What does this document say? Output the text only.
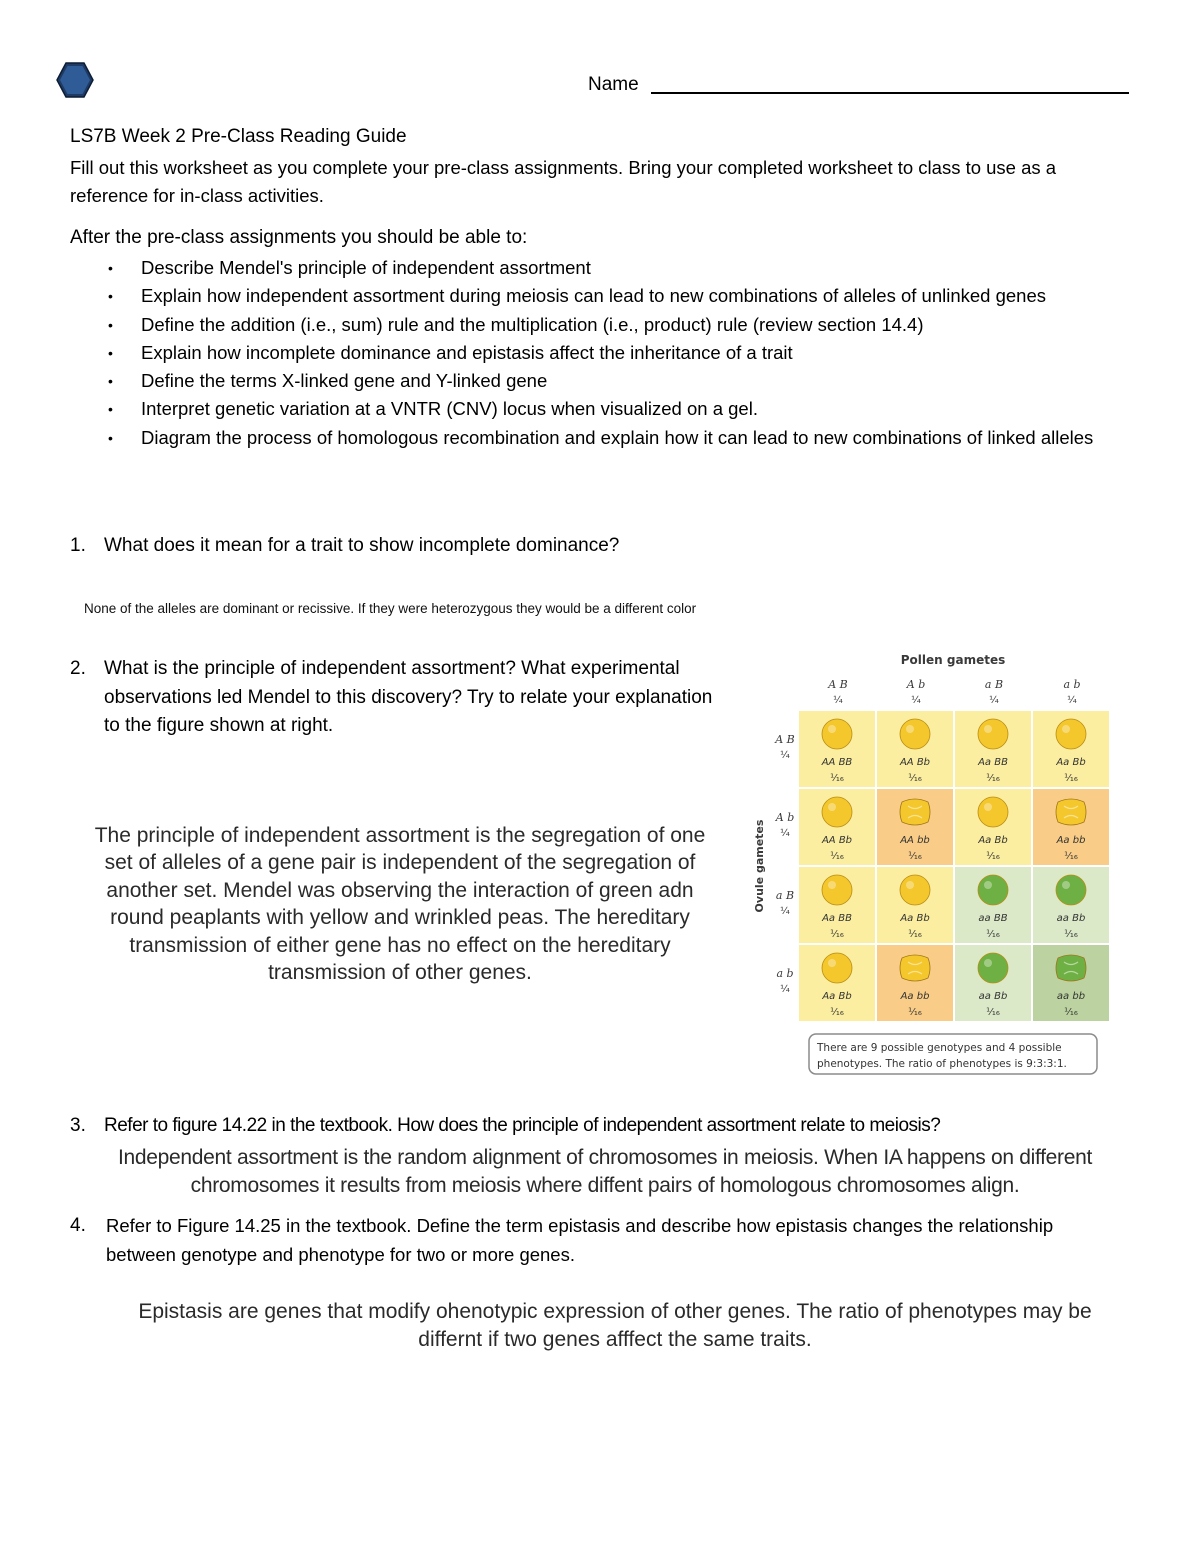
Name
LS7B Week 2 Pre-Class Reading Guide
Fill out this worksheet as you complete your pre-class assignments. Bring your completed worksheet to class to use as a reference for in-class activities.
After the pre-class assignments you should be able to:
• Describe Mendel's principle of independent assortment
• Explain how independent assortment during meiosis can lead to new combinations of alleles of unlinked genes
• Define the addition (i.e., sum) rule and the multiplication (i.e., product) rule (review section 14.4)
• Explain how incomplete dominance and epistasis affect the inheritance of a trait
• Define the terms X-linked gene and Y-linked gene
• Interpret genetic variation at a VNTR (CNV) locus when visualized on a gel.
• Diagram the process of homologous recombination and explain how it can lead to new combinations of linked alleles
1. What does it mean for a trait to show incomplete dominance?
None of the alleles are dominant or recissive. If they were heterozygous they would be a different color
2. What is the principle of independent assortment? What experimental observations led Mendel to this discovery? Try to relate your explanation to the figure shown at right.
The principle of independent assortment is the segregation of one set of alleles of a gene pair is independent of the segregation of another set. Mendel was observing the interaction of green adn round peaplants with yellow and wrinkled peas. The hereditary transmission of either gene has no effect on the hereditary transmission of other genes.
Pollen gametes
Ovule gametes
A B
¼
A b
¼
a B
¼
a b
¼
A B
¼
A b
¼
a B
¼
a b
¼
AA BB
¹⁄₁₆
AA Bb
¹⁄₁₆
Aa BB
¹⁄₁₆
Aa Bb
¹⁄₁₆
AA Bb
¹⁄₁₆
AA bb
¹⁄₁₆
Aa Bb
¹⁄₁₆
Aa bb
¹⁄₁₆
Aa BB
¹⁄₁₆
Aa Bb
¹⁄₁₆
aa BB
¹⁄₁₆
aa Bb
¹⁄₁₆
Aa Bb
¹⁄₁₆
Aa bb
¹⁄₁₆
aa Bb
¹⁄₁₆
aa bb
¹⁄₁₆
There are 9 possible genotypes and 4 possible
phenotypes. The ratio of phenotypes is 9:3:3:1.
3. Refer to figure 14.22 in the textbook. How does the principle of independent assortment relate to meiosis?
Independent assortment is the random alignment of chromosomes in meiosis. When IA happens on different chromosomes it results from meiosis where diffent pairs of homologous chromosomes align.
4. Refer to Figure 14.25 in the textbook. Define the term epistasis and describe how epistasis changes the relationship between genotype and phenotype for two or more genes.
Epistasis are genes that modify ohenotypic expression of other genes. The ratio of phenotypes may be differnt if two genes afffect the same traits.
